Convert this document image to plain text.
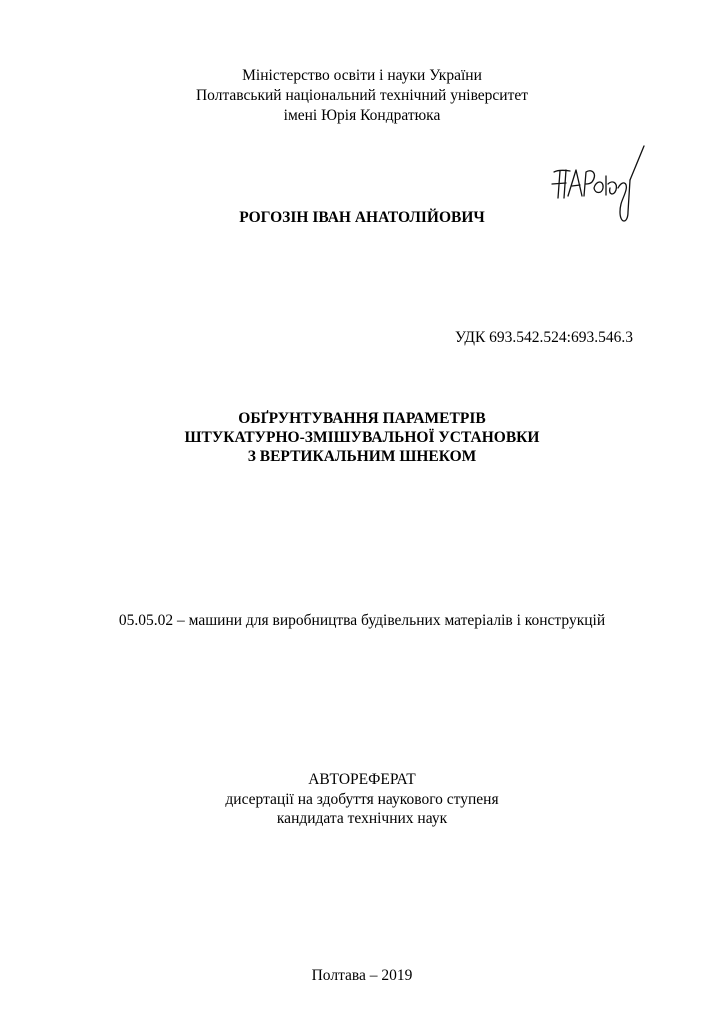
Міністерство освіти і науки України
Полтавський національний технічний університет
імені Юрія Кондратюка
РОГОЗІН ІВАН АНАТОЛІЙОВИЧ
УДК 693.542.524:693.546.3
ОБҐРУНТУВАННЯ ПАРАМЕТРІВ
ШТУКАТУРНО-ЗМІШУВАЛЬНОЇ УСТАНОВКИ
З ВЕРТИКАЛЬНИМ ШНЕКОМ
05.05.02 – машини для виробництва будівельних матеріалів і конструкцій
АВТОРЕФЕРАТ
дисертації на здобуття наукового ступеня
кандидата технічних наук
Полтава – 2019
